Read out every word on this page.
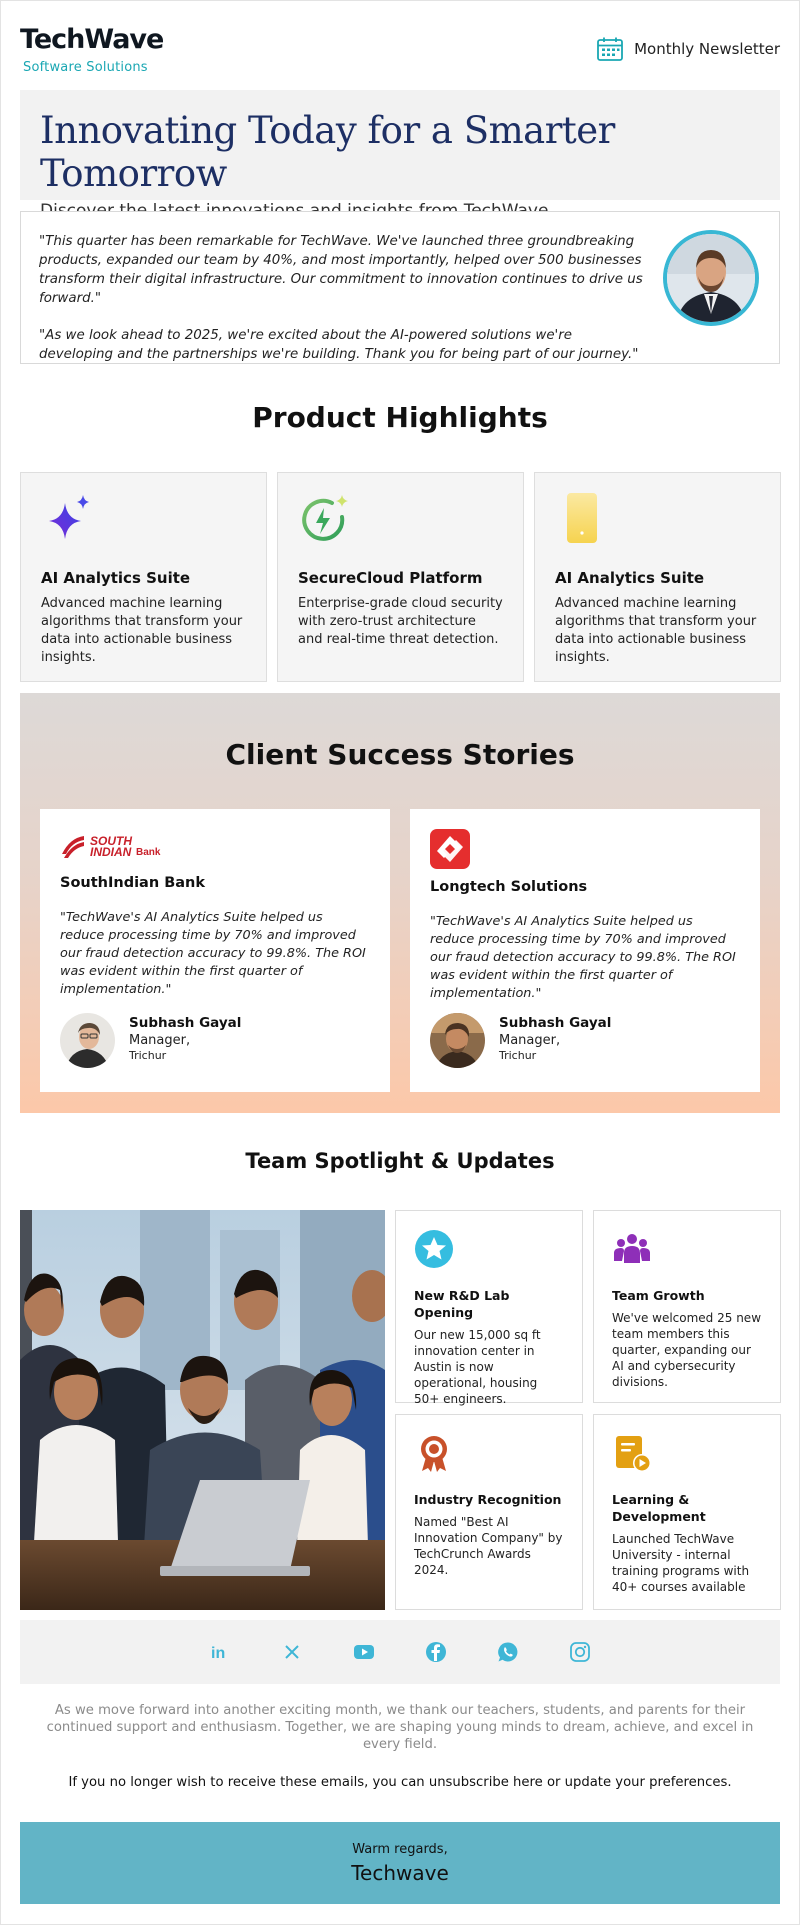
TechWave
Software Solutions
Monthly Newsletter
Innovating Today for a Smarter Tomorrow

"This quarter has been remarkable for TechWave. We've launched three groundbreaking products, expanded our team by 40%, and most importantly, helped over 500 businesses transform their digital infrastructure. Our commitment to innovation continues to drive us forward."

"As we look ahead to 2025, we're excited about the AI-powered solutions we're developing and the partnerships we're building. Thank you for being part of our journey."

Product Highlights
AI Analytics Suite

Advanced machine learning algorithms that transform your data into actionable business insights.

SecureCloud Platform

Enterprise-grade cloud security with zero-trust architecture and real-time threat detection.

AI Analytics Suite

Advanced machine learning algorithms that transform your data into actionable business insights.

Client Success Stories
SOUTH
INDIAN Bank
SouthIndian Bank
"TechWave's AI Analytics Suite helped us reduce processing time by 70% and improved our fraud detection accuracy to 99.8%. The ROI was evident within the first quarter of implementation."
Subhash Gayal
Manager,
Trichur
Longtech Solutions
"TechWave's AI Analytics Suite helped us reduce processing time by 70% and improved our fraud detection accuracy to 99.8%. The ROI was evident within the first quarter of implementation."
Subhash Gayal
Manager,
Trichur
Team Spotlight & Updates
New R&D Lab Opening

Our new 15,000 sq ft innovation center in Austin is now operational, housing 50+ engineers.

Team Growth

We've welcomed 25 new team members this quarter, expanding our AI and cybersecurity divisions.

Industry Recognition

Named "Best AI Innovation Company" by TechCrunch Awards 2024.

Learning & Development

Launched TechWave University - internal training programs with 40+ courses available

in
As we move forward into another exciting month, we thank our teachers, students, and parents for their continued support and enthusiasm. Together, we are shaping young minds to dream, achieve, and excel in every field.
If you no longer wish to receive these emails, you can unsubscribe here or update your preferences.
Warm regards,
Techwave
